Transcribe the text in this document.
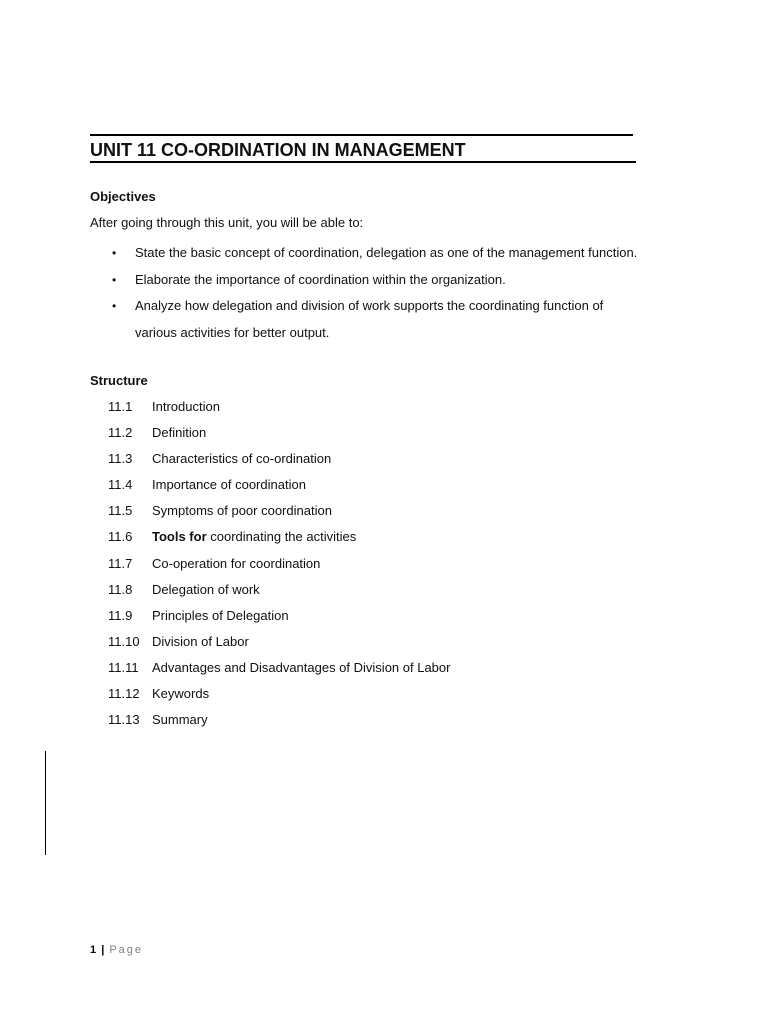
UNIT 11 CO-ORDINATION IN MANAGEMENT
Objectives
After going through this unit, you will be able to:
• State the basic concept of coordination, delegation as one of the management function.
• Elaborate the importance of coordination within the organization.
• Analyze how delegation and division of work supports the coordinating function of various activities for better output.
Structure
11.1	Introduction
11.2	Definition
11.3	Characteristics of co-ordination
11.4	Importance of coordination
11.5	Symptoms of poor coordination
11.6	Tools for coordinating the activities
11.7	Co-operation for coordination
11.8	Delegation of work
11.9	Principles of Delegation
11.10 Division of Labor
11.11	Advantages and Disadvantages of Division of Labor
11.12 Keywords
11.13 Summary
1 | Page
